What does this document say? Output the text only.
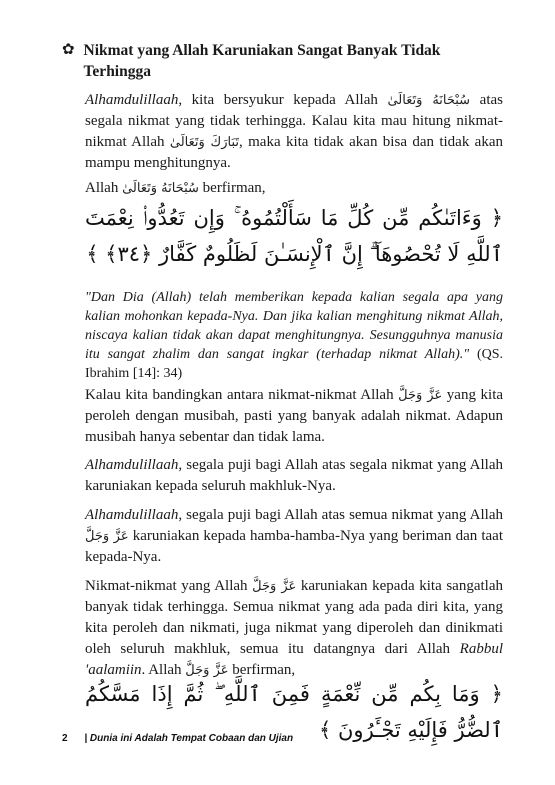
✿ Nikmat yang Allah Karuniakan Sangat Banyak Tidak Terhingga
Alhamdulillaah, kita bersyukur kepada Allah سُبْحَانَهُ وَتَعَالَىٰ atas segala nikmat yang tidak terhingga. Kalau kita mau hitung nikmat-nikmat Allah تَبَارَكَ وَتَعَالَىٰ, maka kita tidak akan bisa dan tidak akan mampu menghitungnya.
Allah سُبْحَانَهُ وَتَعَالَىٰ berfirman,
﴿ وَءَاتَىٰكُم مِّن كُلِّ مَا سَأَلْتُمُوهُ ۚ وَإِن تَعُدُّوا۟ نِعْمَتَ ٱللَّهِ لَا تُحْصُوهَآ ۗ إِنَّ ٱلْإِنسَـٰنَ لَظَلُومٌ كَفَّارٌ ﴿٣٤﴾ ﴾
"Dan Dia (Allah) telah memberikan kepada kalian segala apa yang kalian mohonkan kepada-Nya. Dan jika kalian menghitung nikmat Allah, niscaya kalian tidak akan dapat menghitungnya. Sesungguhnya manusia itu sangat zhalim dan sangat ingkar (terhadap nikmat Allah)." (QS. Ibrahim [14]: 34)
Kalau kita bandingkan antara nikmat-nikmat Allah عَزَّ وَجَلَّ yang kita peroleh dengan musibah, pasti yang banyak adalah nikmat. Adapun musibah hanya sebentar dan tidak lama.
Alhamdulillaah, segala puji bagi Allah atas segala nikmat yang Allah karuniakan kepada seluruh makhluk-Nya.
Alhamdulillaah, segala puji bagi Allah atas semua nikmat yang Allah عَزَّ وَجَلَّ karuniakan kepada hamba-hamba-Nya yang beriman dan taat kepada-Nya.
Nikmat-nikmat yang Allah عَزَّ وَجَلَّ karuniakan kepada kita sangatlah banyak tidak terhingga. Semua nikmat yang ada pada diri kita, yang kita peroleh dan nikmati, juga nikmat yang diperoleh dan dinikmati oleh seluruh makhluk, semua itu datangnya dari Allah Rabbul 'aalamiin. Allah عَزَّ وَجَلَّ berfirman,
﴿ وَمَا بِكُم مِّن نِّعْمَةٍ فَمِنَ ٱللَّهِ ۖ ثُمَّ إِذَا مَسَّكُمُ ٱلضُّرُّ فَإِلَيْهِ تَجْـَٔرُونَ ﴾
2 | Dunia ini Adalah Tempat Cobaan dan Ujian
